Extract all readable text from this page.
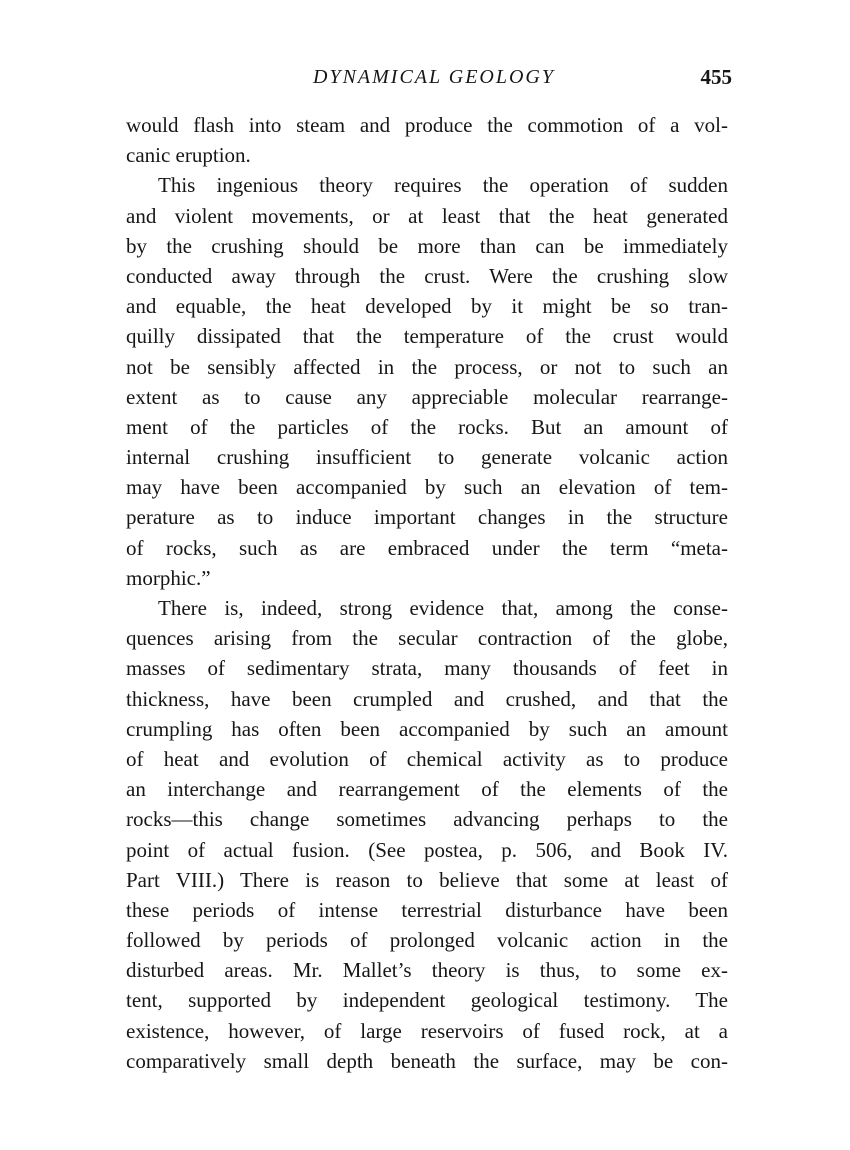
DYNAMICAL GEOLOGY	455
would flash into steam and produce the commotion of a vol-
canic eruption.
This ingenious theory requires the operation of sudden
and violent movements, or at least that the heat generated
by the crushing should be more than can be immediately
conducted away through the crust. Were the crushing slow
and equable, the heat developed by it might be so tran-
quilly dissipated that the temperature of the crust would
not be sensibly affected in the process, or not to such an
extent as to cause any appreciable molecular rearrange-
ment of the particles of the rocks. But an amount of
internal crushing insufficient to generate volcanic action
may have been accompanied by such an elevation of tem-
perature as to induce important changes in the structure
of rocks, such as are embraced under the term “meta-
morphic.”
There is, indeed, strong evidence that, among the conse-
quences arising from the secular contraction of the globe,
masses of sedimentary strata, many thousands of feet in
thickness, have been crumpled and crushed, and that the
crumpling has often been accompanied by such an amount
of heat and evolution of chemical activity as to produce
an interchange and rearrangement of the elements of the
rocks—this change sometimes advancing perhaps to the
point of actual fusion. (See postea, p. 506, and Book IV.
Part VIII.) There is reason to believe that some at least of
these periods of intense terrestrial disturbance have been
followed by periods of prolonged volcanic action in the
disturbed areas. Mr. Mallet’s theory is thus, to some ex-
tent, supported by independent geological testimony. The
existence, however, of large reservoirs of fused rock, at a
comparatively small depth beneath the surface, may be con-
